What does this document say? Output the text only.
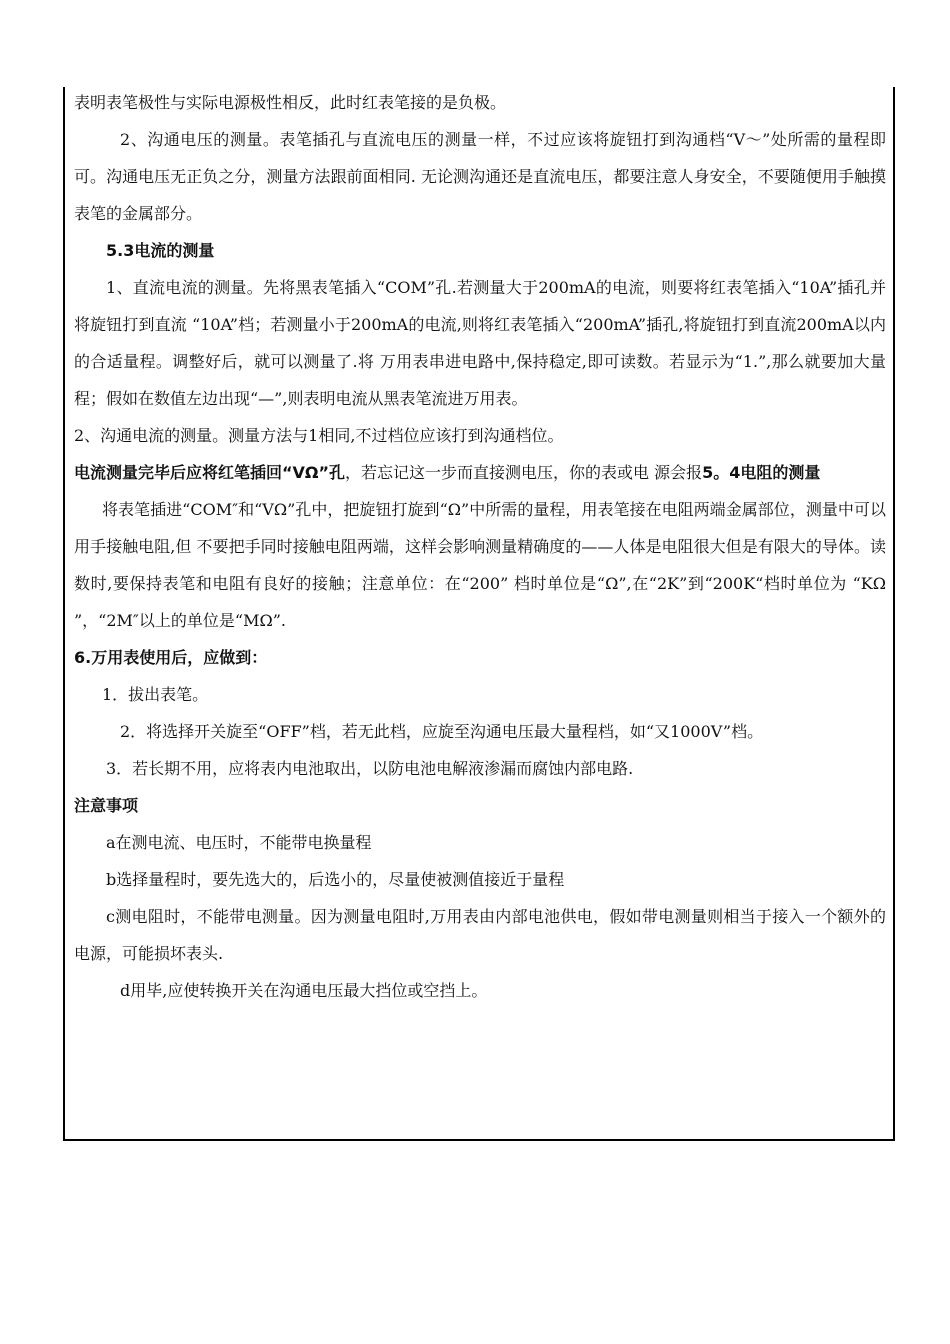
表明表笔极性与实际电源极性相反，此时红表笔接的是负极。

2、沟通电压的测量。表笔插孔与直流电压的测量一样，不过应该将旋钮打到沟通档“V～”处所需的量程即可。沟通电压无正负之分，测量方法跟前面相同. 无论测沟通还是直流电压，都要注意人身安全，不要随便用手触摸表笔的金属部分。

5.3电流的测量

1、直流电流的测量。先将黑表笔插入“COM”孔.若测量大于200mA的电流，则要将红表笔插入“10A”插孔并将旋钮打到直流 “10A”档；若测量小于200mA的电流,则将红表笔插入“200mA”插孔,将旋钮打到直流200mA以内的合适量程。调整好后，就可以测量了.将 万用表串进电路中,保持稳定,即可读数。若显示为“1.”,那么就要加大量程；假如在数值左边出现“—”,则表明电流从黑表笔流进万用表。

2、沟通电流的测量。测量方法与1相同,不过档位应该打到沟通档位。

电流测量完毕后应将红笔插回“VΩ”孔，若忘记这一步而直接测电压，你的表或电 源会报5。4电阻的测量

将表笔插进“COM″和“VΩ”孔中，把旋钮打旋到“Ω”中所需的量程，用表笔接在电阻两端金属部位，测量中可以用手接触电阻,但 不要把手同时接触电阻两端，这样会影响测量精确度的——人体是电阻很大但是有限大的导体。读数时,要保持表笔和电阻有良好的接触；注意单位：在“200” 档时单位是“Ω”,在“2K”到“200K“档时单位为 “KΩ ”，“2M″以上的单位是“MΩ”.

6.万用表使用后，应做到：

1．拔出表笔。

2．将选择开关旋至“OFF”档，若无此档，应旋至沟通电压最大量程档，如“又1000V”档。

3．若长期不用，应将表内电池取出，以防电池电解液渗漏而腐蚀内部电路.

注意事项

a在测电流、电压时，不能带电换量程

b选择量程时，要先选大的，后选小的，尽量使被测值接近于量程

c测电阻时，不能带电测量。因为测量电阻时,万用表由内部电池供电，假如带电测量则相当于接入一个额外的电源，可能损坏表头.

d用毕,应使转换开关在沟通电压最大挡位或空挡上。
